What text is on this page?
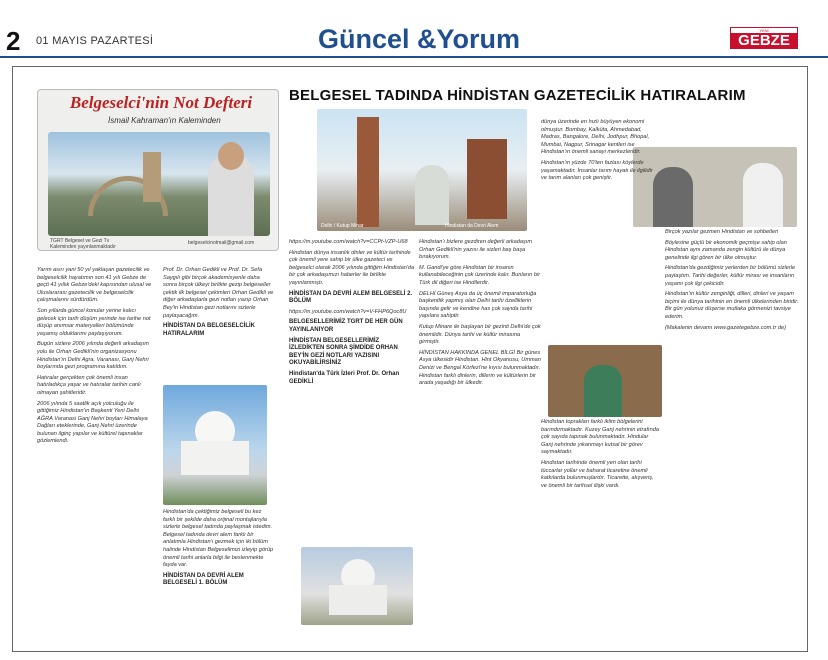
2 01 MAYIS PAZARTESİ	Güncel &Yorum	YENİ
GEBZE
Belgeselci'nin Not Defteri
İsmail Kahraman'ın Kaleminden
TGRT Belgesel ve Gezi Tv
Kaleminden yayınlanmaktadır
belgeselcinotmail@gmail.com
BELGESEL TADINDA HİNDİSTAN GAZETECİLİK HATIRALARIM
Delhi / Kutup Minar	Hindistan da Devri Alem

Yarım asırı yani 50 yıl yaklaşan gazetecilik ve belgeselcilik hayatımın son 41 yılı Gebze de geçti 41 yıllık Gebze'deki kapısından ulusal ve Uluslararası gazetecilik ve belgeselcilik çalışmalarını sürdürdüm.

Son yıllarda güncel konular yerine kalıcı gelecek için tarih düşüm yerinde ise tarihe not düşüp anımsar materyalleri bölümünde yaşamış olduklarımı paylaşıyorum.

Bugün sizlere 2006 yılında değerli arkadaşım yolu ile Orhan Gedikli'nin organizasyonu Hindistan'ın Delhi Agra, Varanası, Ganj Nehri boylarında gezi programına katıldım.

Hatıralar gerçekten çok önemli insan hatırladıkça yaşar ve hatıralar tarihin canlı olmayan şahitleridir.

2006 yılında 5 saatlik açık yolculuğu ile gittiğimiz Hindistan'ın Başkenti Yeni Delhi AĞRA Varanasi Ganj Nehri boyları Himalaya Dağları eteklerinde, Ganj Nehri üzerinde bulunan ilginç yapılar ve kültürel tapınaklar gözlemlendi.

Prof. Dr. Orhan Gedikli ve Prof. Dr. Sefa Saygılı gibi birçok akademisyenle daha sonra birçok ülkeyi birlikte gezip belgeseller çektik ilk belgesel çekimleri Orhan Gedikli ve diğer arkadaşlarla gezi notları yazıp Orhan Bey'in Hindistan gezi notlarını sizlerle paylaşacağım.

HİNDİSTAN DA BELGESELCİLİK HATIRALARIM

Hindistan'da çektiğimiz belgeseli bu kez farklı bir şekilde daha orijinal montajlarıyla sizlerle belgesel tadında paylaşmak istedim. Belgesel tadında devri alem farklı bir anlatımla Hindistan'ı gezmek için iki bölüm halinde Hindistan Belgeselimizi izleyip görüp önemli tarihi anlarla bilgi ile beslenmekte fayda var.

HİNDİSTAN DA DEVRİ ALEM BELGESELİ 1. BÖLÜM

https://m.youtube.com/watch?v=CCPt-VZP-U68

Hindistan dünya insanlık dinler ve kültür tarihinde çok önemli yere sahip bir ülke gazeteci ve belgeselci olarak 2006 yılında gittiğim Hindistan'da bir çok arkadaşımızı haberler ile birlikte yayınlanmıştı.

HİNDİSTAN DA DEVRİ ALEM BELGESELİ 2. BÖLÜM

https://m.youtube.com/watch?v=V-FHP6Qoc8U

BELGESELLERİMİZ TGRT DE HER GÜN YAYINLANIYOR

HİNDİSTAN BELGESELLERİMİZ İZLEDİKTEN SONRA ŞİMDİDE ORHAN BEY'İN GEZİ NOTLARI YAZISINI OKUYABİLİRSİNİZ

Hindistan'da Türk İzleri Prof. Dr. Orhan GEDİKLİ

Hindistan'ı bizlere gezdiren değerli arkadaşım Orhan Gedikli'nin yazısı ile sizleri baş başa bırakıyorum.

M. Gandi'ye göre Hindistan bir insanın kullanabileceğinin çok üzerinde kalır. Bunların bir Türk dil diğeri ise Hindilerdir.

DELHİ Güneş Asya da üç önemli imparatorluğa başkentlik yapmış olan Delhi tarihi özelliklerin başında gelir ve kendine has çok sayıda tarihi yapılara sahiptir.

Kutup Minare ile başlayan bir gezinti Delhi'de çok önemlidir. Dünya tarihi ve kültür mirasına girmiştir.

HİNDİSTAN HAKKINDA GENEL BİLGİ Bir günes Asya ülkesidir Hindistan. Hint Okyanusu, Umman Denizi ve Bengal Körfezi'ne kıyısı bulunmaktadır. Hindistan farklı dinlerin, dillerin ve kültürlerin bir arada yaşadığı bir ülkedir.

dünya üzerinde en hızlı büyüyen ekonomi olmuştur. Bombay, Kalküta, Ahmedabad, Madras, Bangalore, Delhi, Jodhpur, Bhopal, Mumbai, Nagpur, Srinagar kentleri ise Hindistan'ın önemli sanayi merkezleridir.

Hindistan'ın yüzde 70'ten fazlası köylerde yaşamaktadır. İnsanlar tarım hayatı ile ilgilidir ve tarım alanları çok geniştir.

Hindistan toprakları farklı iklim bölgelerini barındırmaktadır. Kuzey Ganj nehrinin etrafında çok sayıda tapınak bulunmaktadır. Hindular Ganj nehrinde yıkanmayı kutsal bir görev saymaktadır.

Hindistan tarihinde önemli yeri olan tarihi tüccarlar yollar ve baharat ticaretine önemli katkılarda bulunmuşlardır. Ticarette, alışveriş, ve önemli bir tarihsel ilişki vardı.

Birçok yazılar gezmen Hindistan ve sohbetleri

Böylesine güçlü bir ekonomik geçmişe sahip olan Hindistan aynı zamanda zengin kültürü ile dünya genelinde ilgi gören bir ülke olmuştur.

Hindistan'da gezdiğimiz yerlerden bir bölümü sizlerle paylaştım. Tarihi değerler, kültür mirası ve insanların yaşamı çok ilgi çekicidir.

Hindistan'ın kültür zenginliği, dilleri, dinleri ve yaşam biçimi ile dünya tarihinin en önemli ülkelerinden biridir. Bir gün yolunuz düşerse mutlaka görmenizi tavsiye ederim.

(Makalenin devamı www.gazetegebze.com.tr de)
